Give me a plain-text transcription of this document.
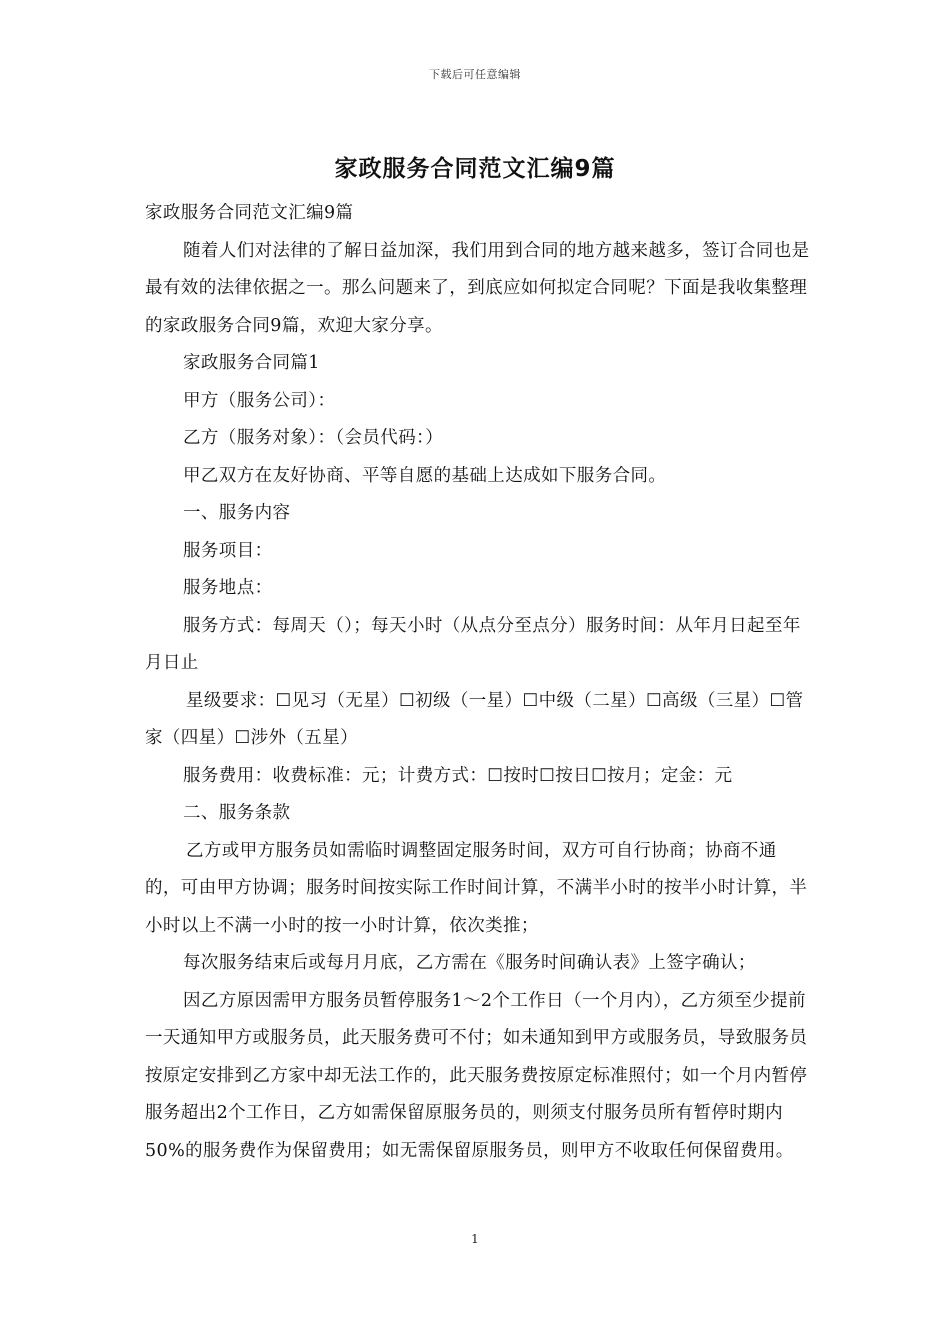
下载后可任意编辑
家政服务合同范文汇编9篇

家政服务合同范文汇编9篇

随着人们对法律的了解日益加深，我们用到合同的地方越来越多，签订合同也是最有效的法律依据之一。那么问题来了，到底应如何拟定合同呢？下面是我收集整理的家政服务合同9篇，欢迎大家分享。

家政服务合同篇1

甲方（服务公司）：

乙方（服务对象）：（会员代码：）

甲乙双方在友好协商、平等自愿的基础上达成如下服务合同。

一、服务内容

服务项目：

服务地点：

服务方式：每周天（）；每天小时（从点分至点分）服务时间：从年月日起至年月日止

星级要求：☐见习（无星）☐初级（一星）☐中级（二星）☐高级（三星）☐管家（四星）☐涉外（五星）

服务费用：收费标准：元；计费方式：☐按时☐按日☐按月；定金：元

二、服务条款

乙方或甲方服务员如需临时调整固定服务时间，双方可自行协商；协商不通的，可由甲方协调；服务时间按实际工作时间计算，不满半小时的按半小时计算，半小时以上不满一小时的按一小时计算，依次类推；

每次服务结束后或每月月底，乙方需在《服务时间确认表》上签字确认；

因乙方原因需甲方服务员暂停服务1～2个工作日（一个月内），乙方须至少提前一天通知甲方或服务员，此天服务费可不付；如未通知到甲方或服务员，导致服务员按原定安排到乙方家中却无法工作的，此天服务费按原定标准照付；如一个月内暂停服务超出2个工作日，乙方如需保留原服务员的，则须支付服务员所有暂停时期内50%的服务费作为保留费用；如无需保留原服务员，则甲方不收取任何保留费用。

1
